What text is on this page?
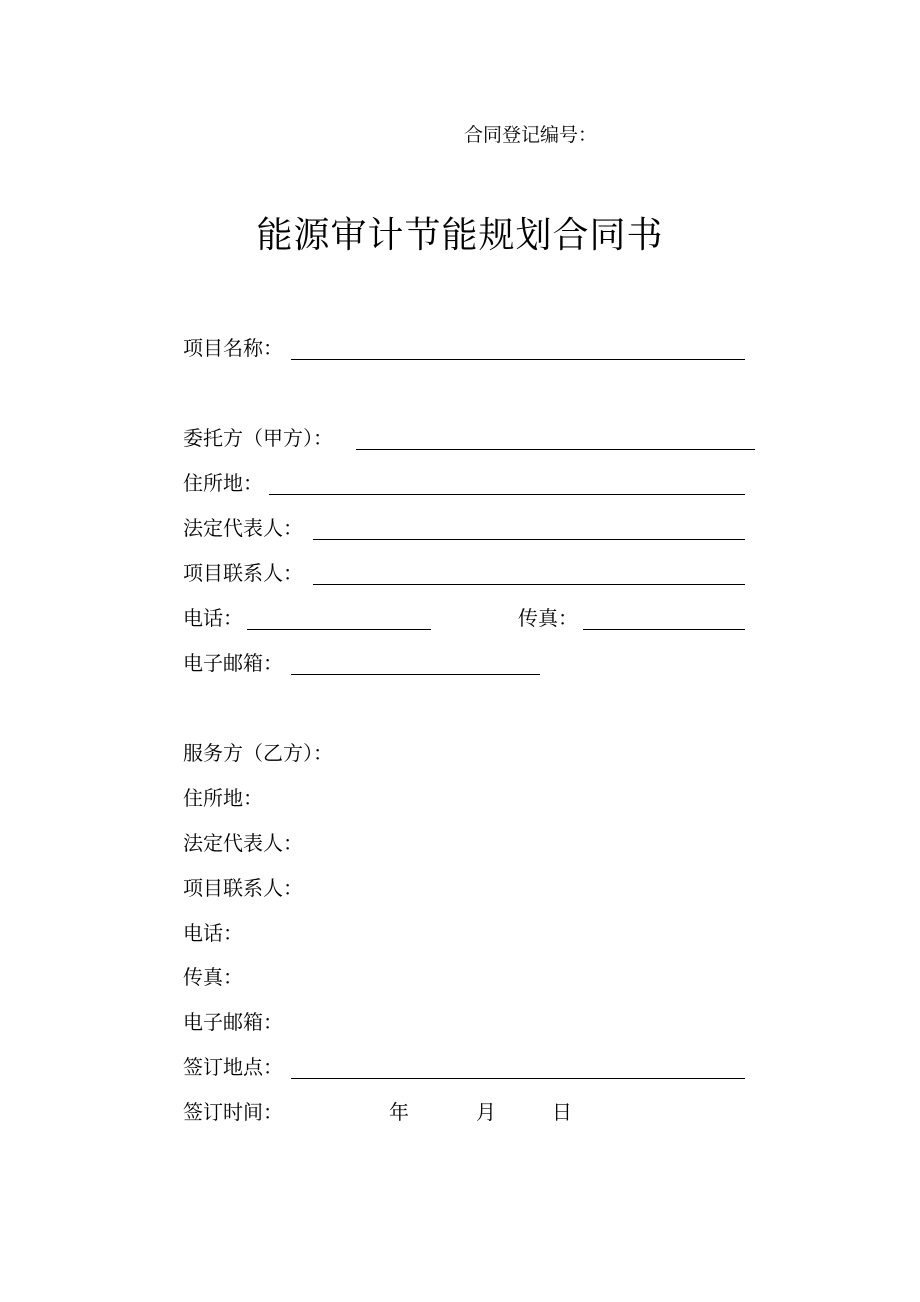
合同登记编号：
能源审计节能规划合同书
项目名称：
委托方（甲方）：
住所地：
法定代表人：
项目联系人：
电话：	传真：
电子邮箱：
服务方（乙方）：
住所地：
法定代表人：
项目联系人：
电话：
传真：
电子邮箱：
签订地点：
签订时间：	年	月	日
